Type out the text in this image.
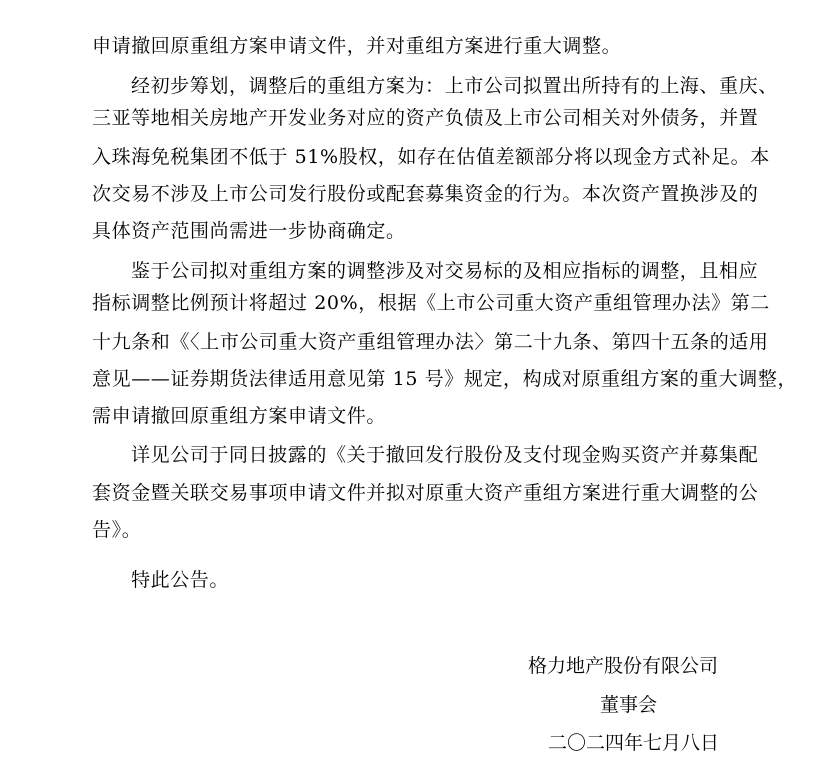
申请撤回原重组方案申请文件，并对重组方案进行重大调整。
经初步筹划，调整后的重组方案为：上市公司拟置出所持有的上海、重庆、
三亚等地相关房地产开发业务对应的资产负债及上市公司相关对外债务，并置
入珠海免税集团不低于 51%股权，如存在估值差额部分将以现金方式补足。本
次交易不涉及上市公司发行股份或配套募集资金的行为。本次资产置换涉及的
具体资产范围尚需进一步协商确定。
鉴于公司拟对重组方案的调整涉及对交易标的及相应指标的调整，且相应
指标调整比例预计将超过 20%，根据《上市公司重大资产重组管理办法》第二
十九条和《〈上市公司重大资产重组管理办法〉第二十九条、第四十五条的适用
意见——证券期货法律适用意见第 15 号》规定，构成对原重组方案的重大调整，
需申请撤回原重组方案申请文件。
详见公司于同日披露的《关于撤回发行股份及支付现金购买资产并募集配
套资金暨关联交易事项申请文件并拟对原重大资产重组方案进行重大调整的公
告》。
特此公告。
格力地产股份有限公司
董事会
二〇二四年七月八日
